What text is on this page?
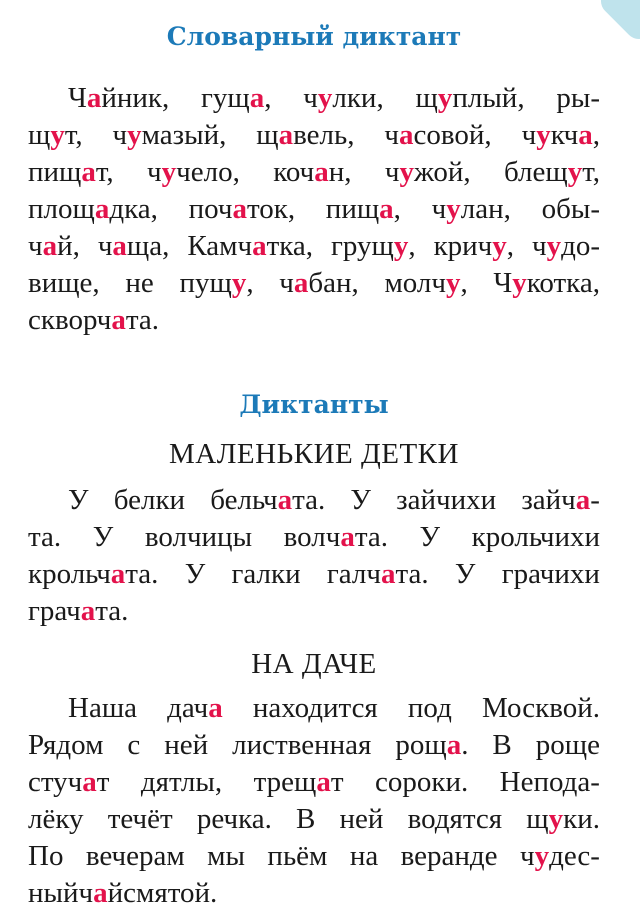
Словарный диктант
Чайник, гуща, чулки, щуплый, ры-
щут, чумазый, щавель, часовой, чукча,
пищат, чучело, кочан, чужой, блещут,
площадка, початок, пища, чулан, обы-
чай, чаща, Камчатка, грущу, кричу, чудо-
вище, не пущу, чабан, молчу, Чукотка,
скворчата.
Диктанты
МАЛЕНЬКИЕ ДЕТКИ
У белки бельчата. У зайчихи зайча-
та. У волчицы волчата. У крольчихи
крольчата. У галки галчата. У грачихи
грачата.
НА ДАЧЕ
Наша дача находится под Москвой.
Рядом с ней лиственная роща. В роще
стучат дятлы, трещат сороки. Непода-
лёку течёт речка. В ней водятся щуки.
По вечерам мы пьём на веранде чудес-
ный чай с мятой.
